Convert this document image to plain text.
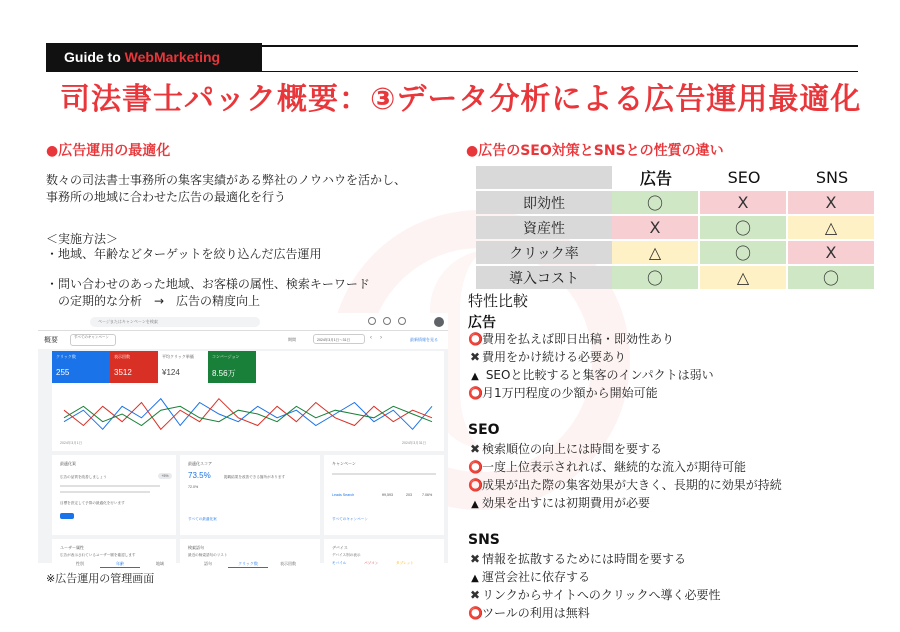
Guide to WebMarketing
司法書士パック概要：③データ分析による広告運用最適化
●広告運用の最適化
数々の司法書士事務所の集客実績がある弊社のノウハウを活かし、
事務所の地域に合わせた広告の最適化を行う
＜実施方法＞
・地域、年齢などターゲットを絞り込んだ広告運用
・問い合わせのあった地域、お客様の属性、検索キーワード
　の定期的な分析　→　広告の精度向上
ページまたはキャンペーンを検索
概要	すべてのキャンペーン	期間	2024年3月1日〜31日	‹ ›	最新情報を見る
クリック数
255
表示回数
3512
平均クリック単価
¥124
コンバージョン
8.56万
2024年3月1日	2024年3月31日
最適化案
+5%
広告の品質を改善しましょう
目標を設定して予算の最適化を行います
最適化スコア
73.5%
72.0%
掲載結果を改善できる箇所があります
すべての最適化案
キャンペーン
Leads Search	¥9,593	203	7.06%
すべてのキャンペーン
ユーザー属性
広告が表示されているユーザー層を確認します
性別	年齢	地域
検索語句
最近の検索語句のリスト
語句	クリック数	表示回数
デバイス
デバイス別の表示
モバイル	パソコン	タブレット
※広告運用の管理画面
●広告のSEO対策とSNSとの性質の違い
	広告	SEO	SNS
即効性	〇	X	X
資産性	X	〇	△
クリック率	△	〇	X
導入コスト	〇	△	〇
特性比較
広告
⭕費用を払えば即日出稿・即効性あり
✖ 費用をかけ続ける必要あり
▲ SEOと比較すると集客のインパクトは弱い
⭕月1万円程度の少額から開始可能
SEO
✖ 検索順位の向上には時間を要する
⭕一度上位表示されれば、継続的な流入が期待可能
⭕成果が出た際の集客効果が大きく、長期的に効果が持続
▲ 効果を出すには初期費用が必要
SNS
✖ 情報を拡散するためには時間を要する
▲ 運営会社に依存する
✖ リンクからサイトへのクリックへ導く必要性
⭕ツールの利用は無料
